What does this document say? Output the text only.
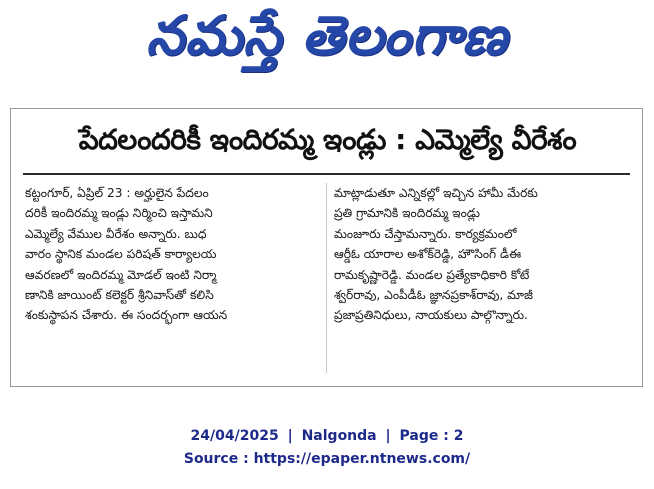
నమస్తే తెలంగాణ
పేదలందరికీ ఇందిరమ్మ ఇండ్లు : ఎమ్మెల్యే వీరేశం
కట్టంగూర్, ఏప్రిల్ 23 : అర్హులైన పేదలం
దరికీ ఇందిరమ్మ ఇండ్లు నిర్మించి ఇస్తామని
ఎమ్మెల్యే వేముల వీరేశం అన్నారు. బుధ
వారం స్థానిక మండల పరిషత్ కార్యాలయ
ఆవరణలో ఇందిరమ్మ మోడల్ ఇంటి నిర్మా
ణానికి జాయింట్ కలెక్టర్ శ్రీనివాస్‌తో కలిసి
శంకుస్థాపన చేశారు. ఈ సందర్భంగా ఆయన
మాట్లాడుతూ ఎన్నికల్లో ఇచ్చిన హామీ మేరకు
ప్రతి గ్రామానికి ఇందిరమ్మ ఇండ్లు
మంజూరు చేస్తామన్నారు. కార్యక్రమంలో
ఆర్డీఓ యారాల అశోక్‌రెడ్డి, హౌసింగ్ డీఈ
రామకృష్ణారెడ్డి. మండల ప్రత్యేకాధికారి కోటే
శ్వర్‌రావు, ఎంపీడీఓ జ్ఞానప్రకాశ్‌రావు, మాజీ
ప్రజాప్రతినిధులు, నాయకులు పాల్గొన్నారు.
24/04/2025 | Nalgonda | Page : 2
Source : https://epaper.ntnews.com/
